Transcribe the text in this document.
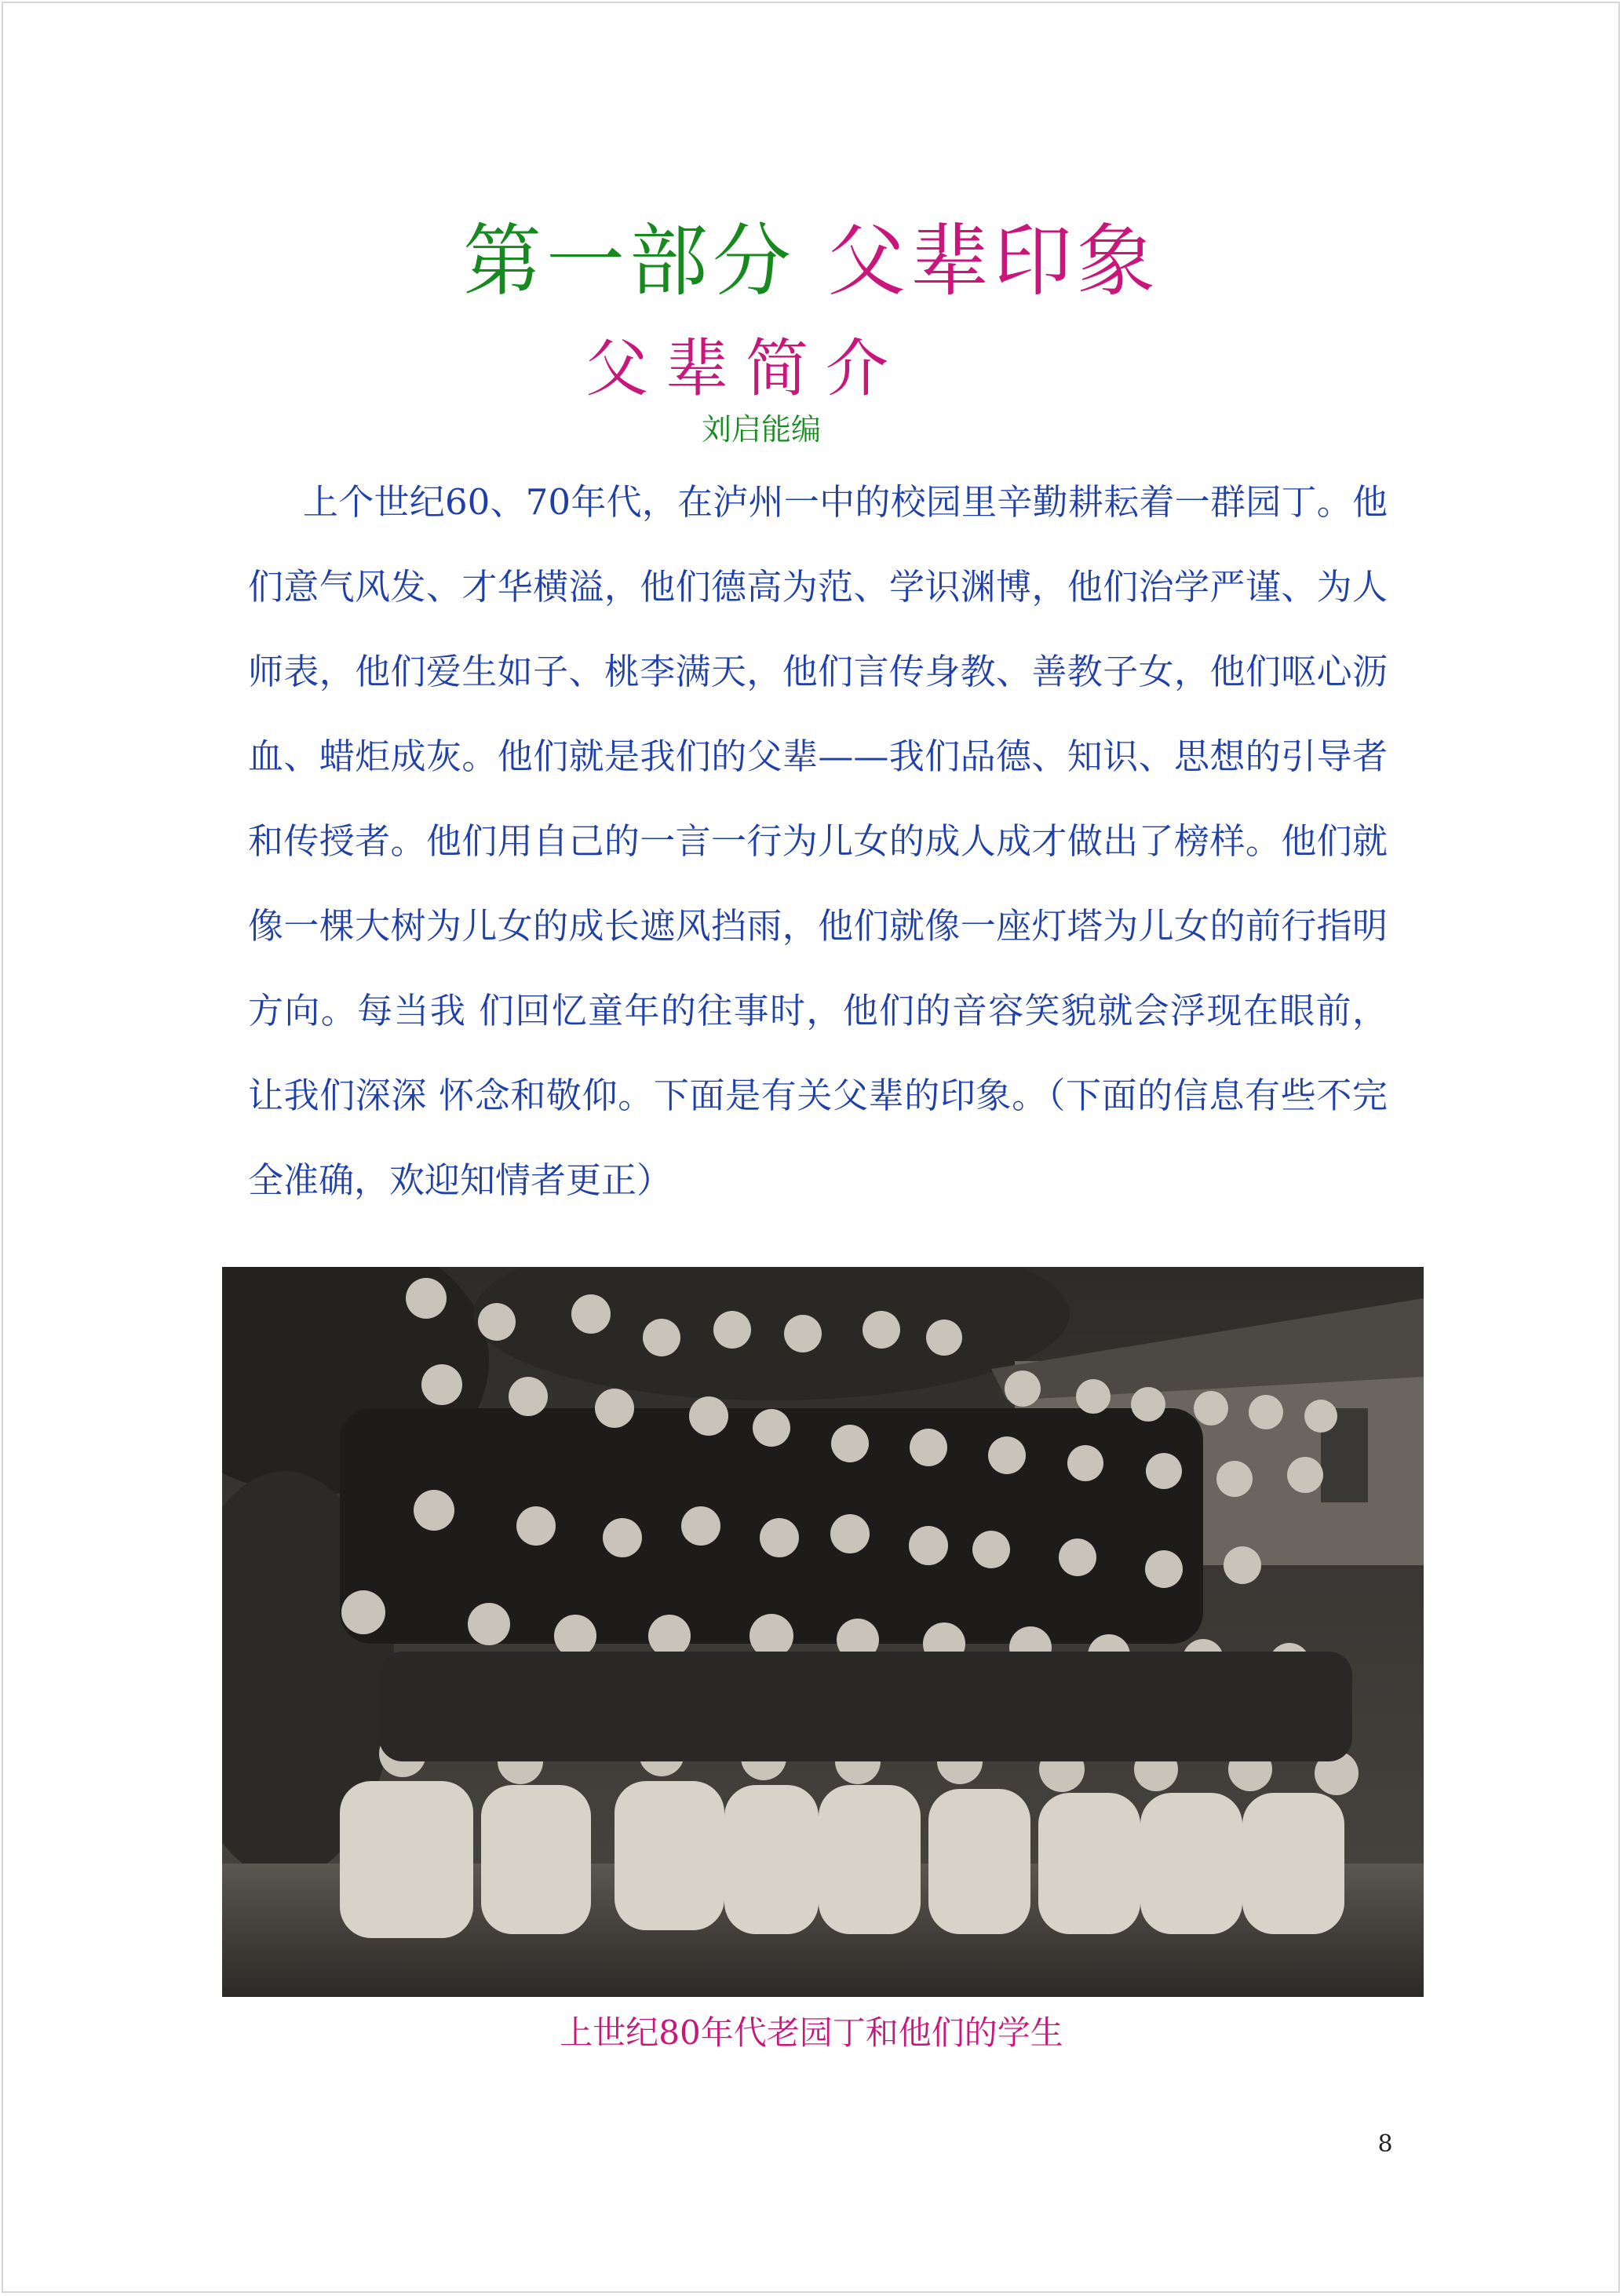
第一部分 父辈印象
父辈简介
刘启能编

上个世纪60、70年代，在泸州一中的校园里辛勤耕耘着一群园丁。他们意气风发、才华横溢，他们德高为范、学识渊博，他们治学严谨、为人师表，他们爱生如子、桃李满天，他们言传身教、善教子女，他们呕心沥血、蜡炬成灰。他们就是我们的父辈——我们品德、知识、思想的引导者和传授者。他们用自己的一言一行为儿女的成人成才做出了榜样。他们就像一棵大树为儿女的成长遮风挡雨，他们就像一座灯塔为儿女的前行指明方向。每当我 们回忆童年的往事时，他们的音容笑貌就会浮现在眼前，让我们深深 怀念和敬仰。下面是有关父辈的印象。（下面的信息有些不完全准确，欢迎知情者更正）

上世纪80年代老园丁和他们的学生
8
